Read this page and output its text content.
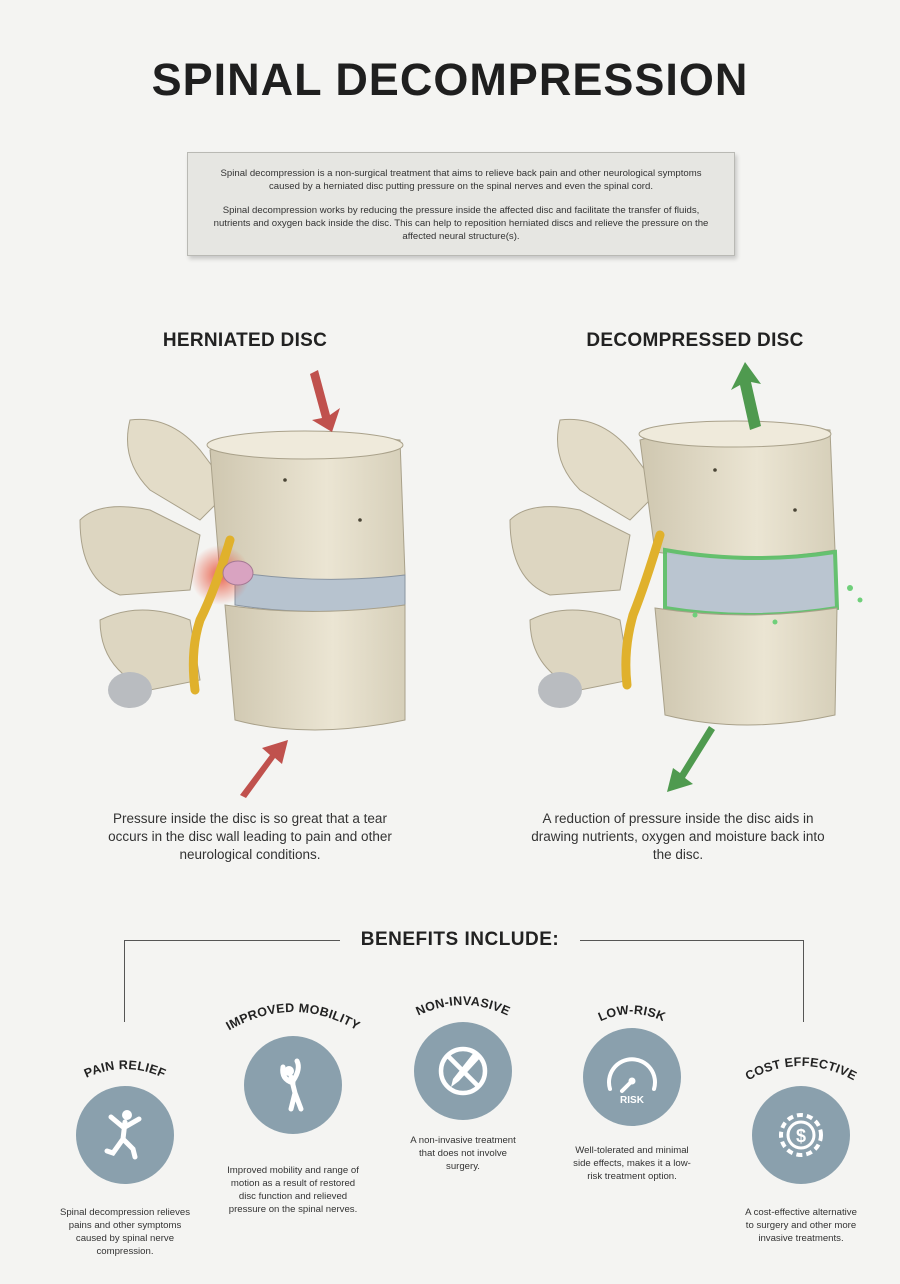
SPINAL DECOMPRESSION

Spinal decompression is a non-surgical treatment that aims to relieve back pain and other neurological symptoms caused by a herniated disc putting pressure on the spinal nerves and even the spinal cord.

Spinal decompression works by reducing the pressure inside the affected disc and facilitate the transfer of fluids, nutrients and oxygen back inside the disc. This can help to reposition herniated discs and relieve the pressure on the affected neural structure(s).

HERNIATED DISC	DECOMPRESSED DISC
Pressure inside the disc is so great that a tear occurs in the disc wall leading to pain and other neurological conditions.
A reduction of pressure inside the disc aids in drawing nutrients, oxygen and moisture back into the disc.
BENEFITS INCLUDE:
PAIN RELIEF
Spinal decompression relieves pains and other symptoms caused by spinal nerve compression.
IMPROVED MOBILITY
Improved mobility and range of motion as a result of restored disc function and relieved pressure on the spinal nerves.
NON-INVASIVE
A non-invasive treatment that does not involve surgery.
LOW-RISK
RISK
Well-tolerated and minimal side effects, makes it a low-risk treatment option.
COST EFFECTIVE
$
A cost-effective alternative to surgery and other more invasive treatments.
